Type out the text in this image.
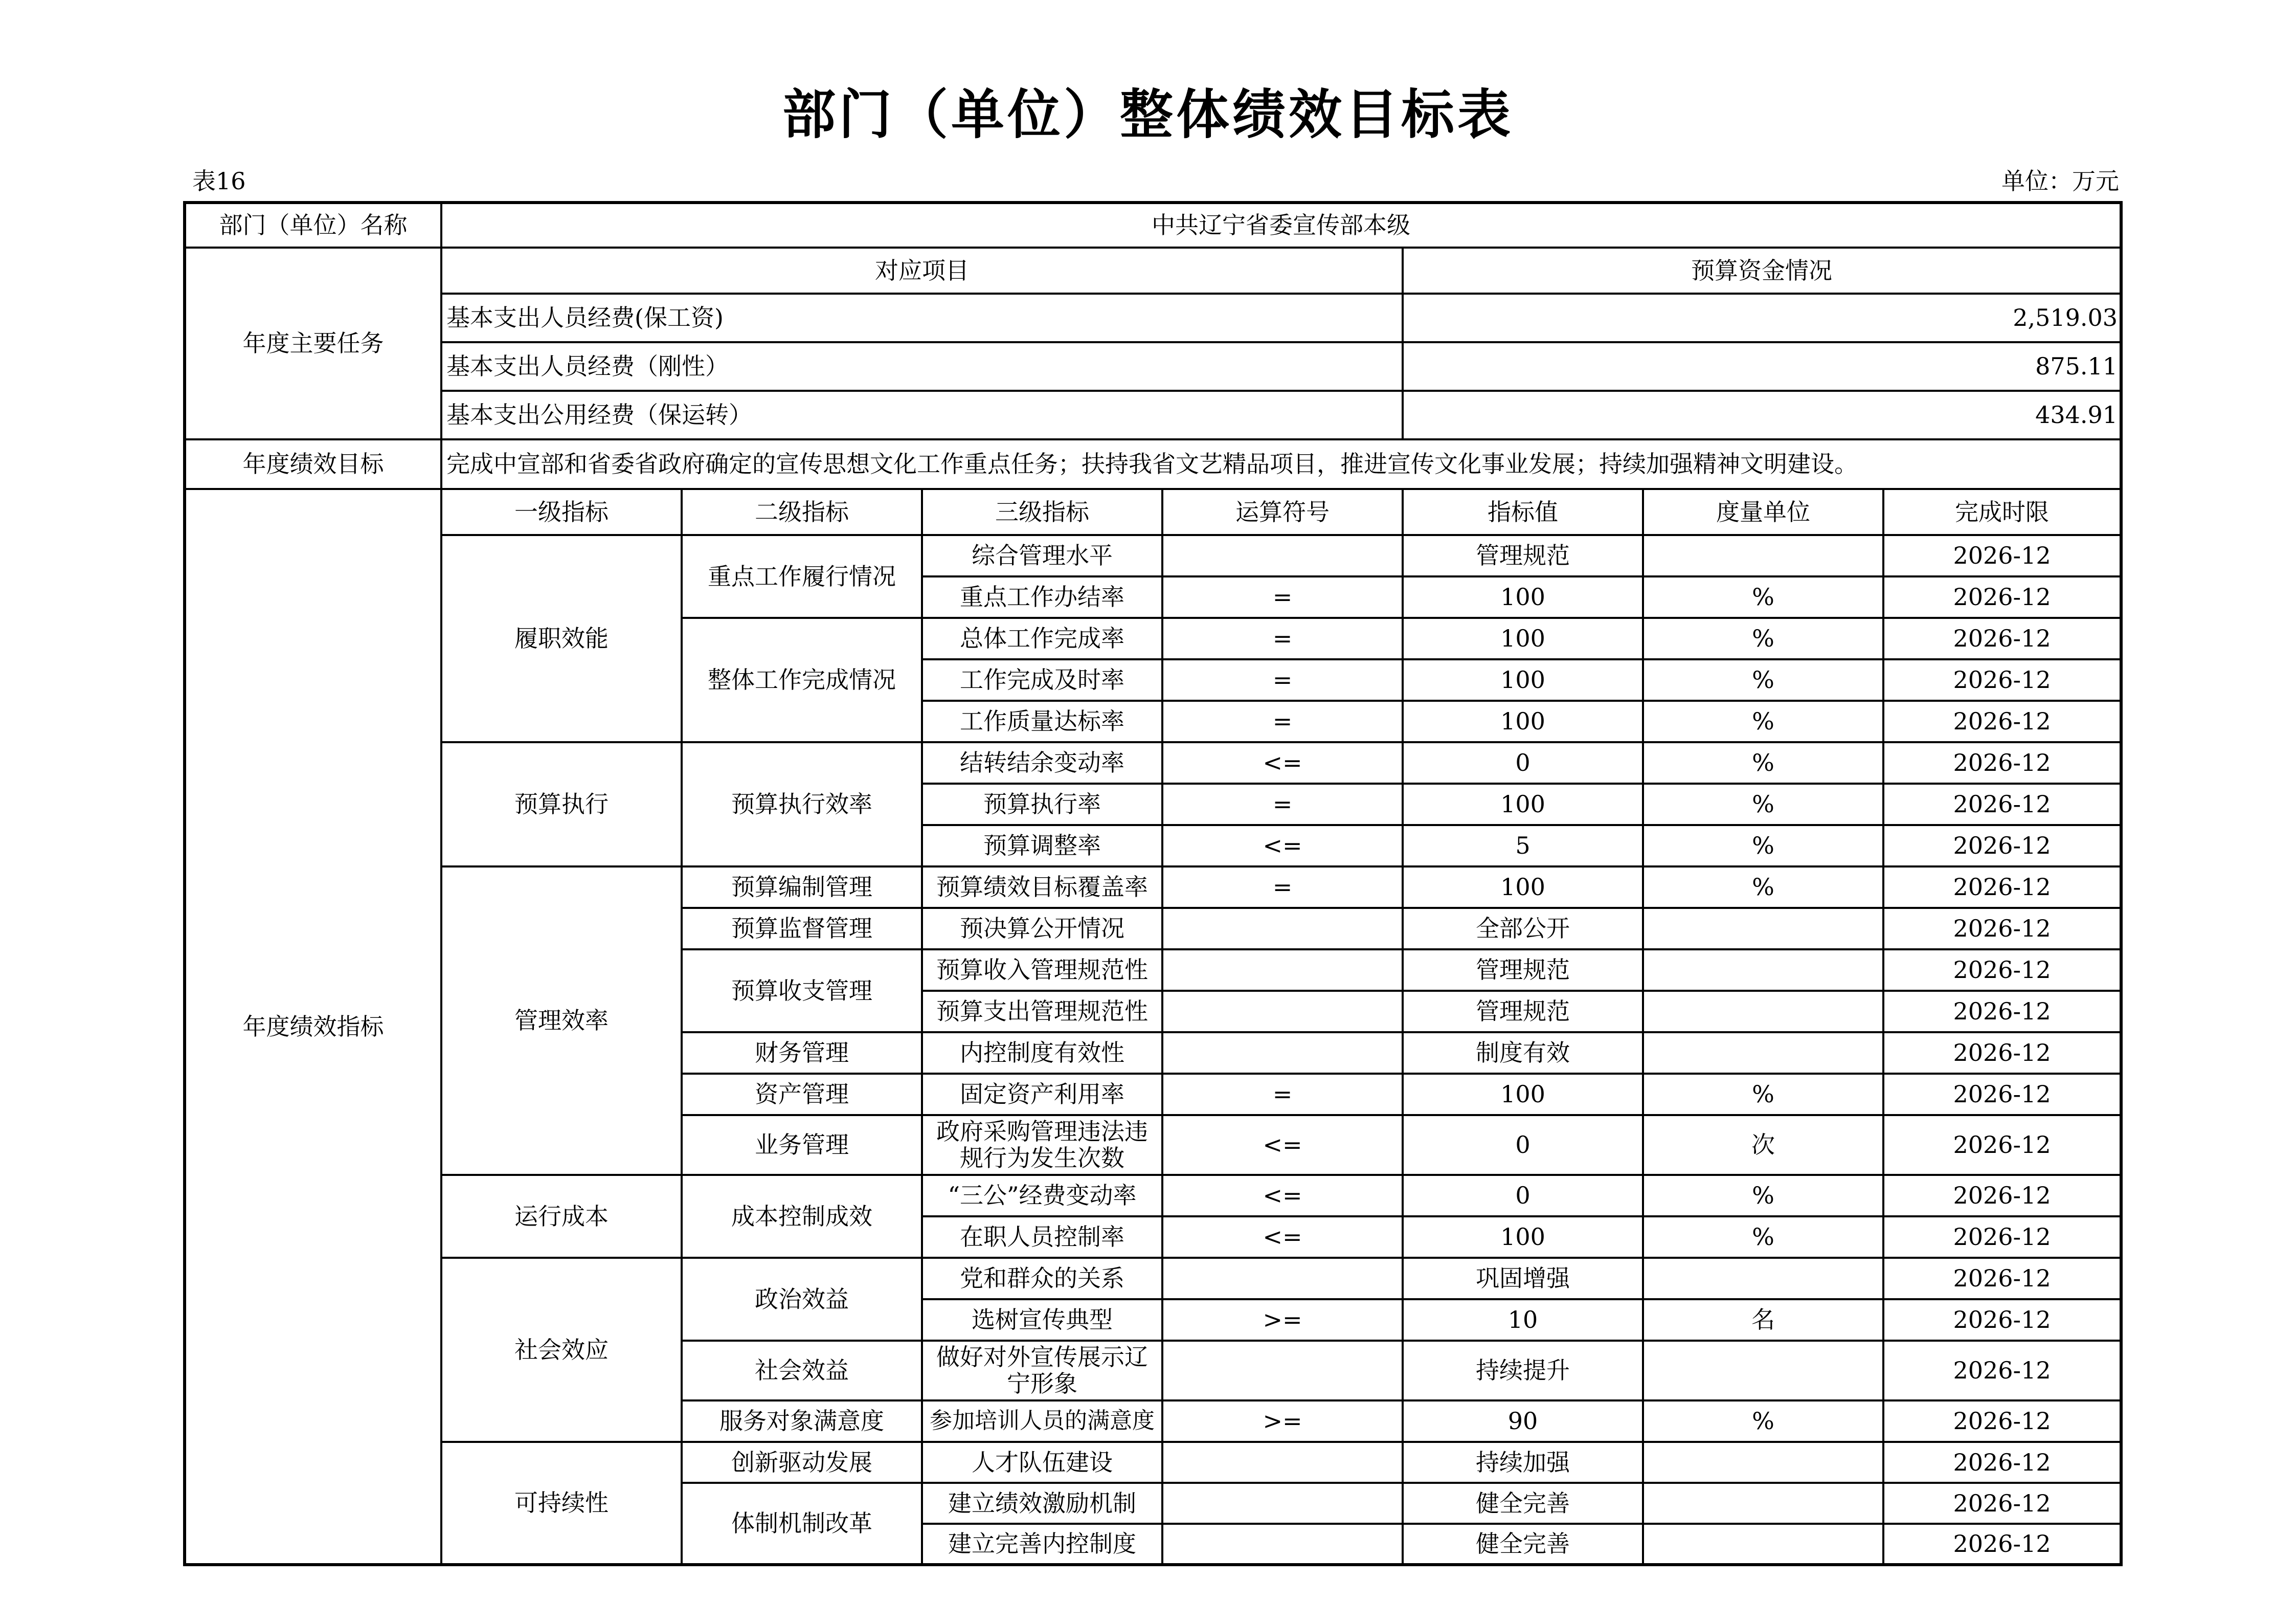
部门（单位）整体绩效目标表
表16	单位：万元
部门（单位）名称	中共辽宁省委宣传部本级						
年度主要任务	对应项目				预算资金情况		
	基本支出人员经费(保工资)				2,519.03		
	基本支出人员经费（刚性）				875.11		
	基本支出公用经费（保运转）				434.91		
年度绩效目标	完成中宣部和省委省政府确定的宣传思想文化工作重点任务；扶持我省文艺精品项目，推进宣传文化事业发展；持续加强精神文明建设。						
年度绩效指标	一级指标	二级指标	三级指标	运算符号	指标值	度量单位	完成时限
	履职效能	重点工作履行情况	综合管理水平		管理规范		2026-12
			重点工作办结率	=	100	%	2026-12
		整体工作完成情况	总体工作完成率	=	100	%	2026-12
			工作完成及时率	=	100	%	2026-12
			工作质量达标率	=	100	%	2026-12
	预算执行	预算执行效率	结转结余变动率	<=	0	%	2026-12
			预算执行率	=	100	%	2026-12
			预算调整率	<=	5	%	2026-12
	管理效率	预算编制管理	预算绩效目标覆盖率	=	100	%	2026-12
		预算监督管理	预决算公开情况		全部公开		2026-12
		预算收支管理	预算收入管理规范性		管理规范		2026-12
			预算支出管理规范性		管理规范		2026-12
		财务管理	内控制度有效性		制度有效		2026-12
		资产管理	固定资产利用率	=	100	%	2026-12
		业务管理	政府采购管理违法违规行为发生次数	<=	0	次	2026-12
	运行成本	成本控制成效	“三公”经费变动率	<=	0	%	2026-12
			在职人员控制率	<=	100	%	2026-12
	社会效应	政治效益	党和群众的关系		巩固增强		2026-12
			选树宣传典型	>=	10	名	2026-12
		社会效益	做好对外宣传展示辽宁形象		持续提升		2026-12
		服务对象满意度	参加培训人员的满意度	>=	90	%	2026-12
	可持续性	创新驱动发展	人才队伍建设		持续加强		2026-12
		体制机制改革	建立绩效激励机制		健全完善		2026-12
			建立完善内控制度		健全完善		2026-12
